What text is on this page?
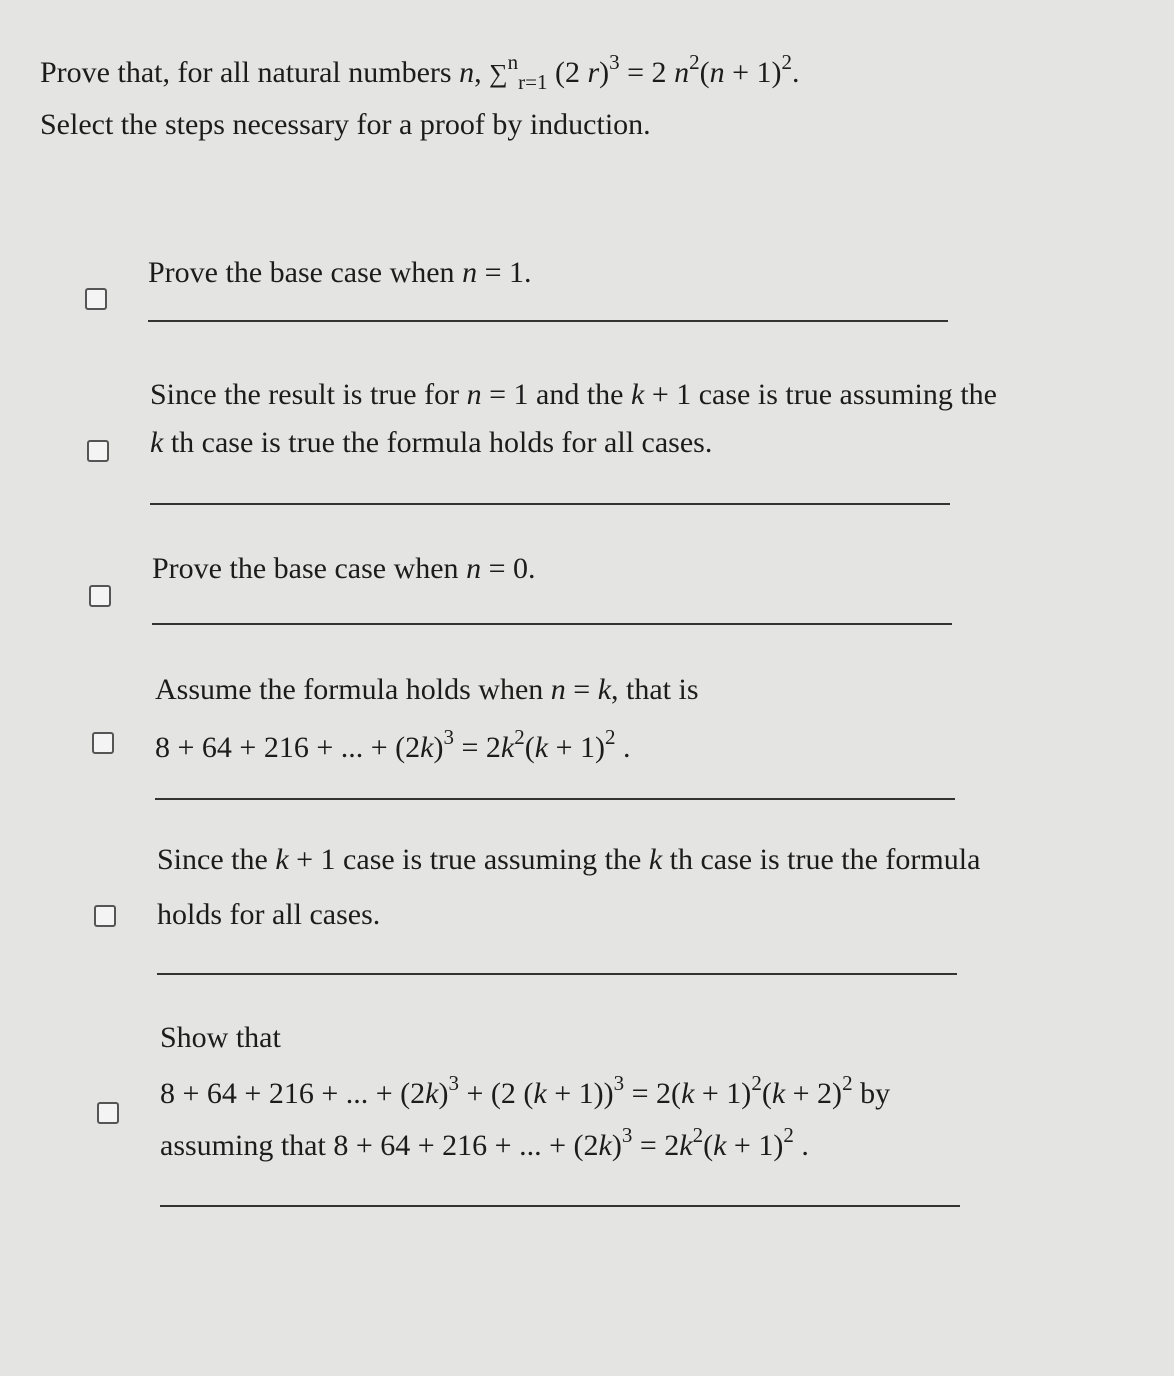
Prove that, for all natural numbers n, ∑$^n_{r=1}$ (2 r)$^3$ = 2 $n^2(n + 1)^2$.
Select the steps necessary for a proof by induction.
Prove the base case when n = 1.
Since the result is true for n = 1 and the k + 1 case is true assuming the
k th case is true the formula holds for all cases.
Prove the base case when n = 0.
Assume the formula holds when n = k, that is
8 + 64 + 216 + ... + $(2k)^3 = 2k^2(k + 1)^2$ .
Since the k + 1 case is true assuming the k th case is true the formula
holds for all cases.
Show that
8 + 64 + 216 + ... + $(2k)^3 + (2$ $(k + 1))^3 = 2(k + 1)^2(k + 2)^2$ by
assuming that 8 + 64 + 216 + ... + $(2k)^3 = 2k^2(k + 1)^2$ .
